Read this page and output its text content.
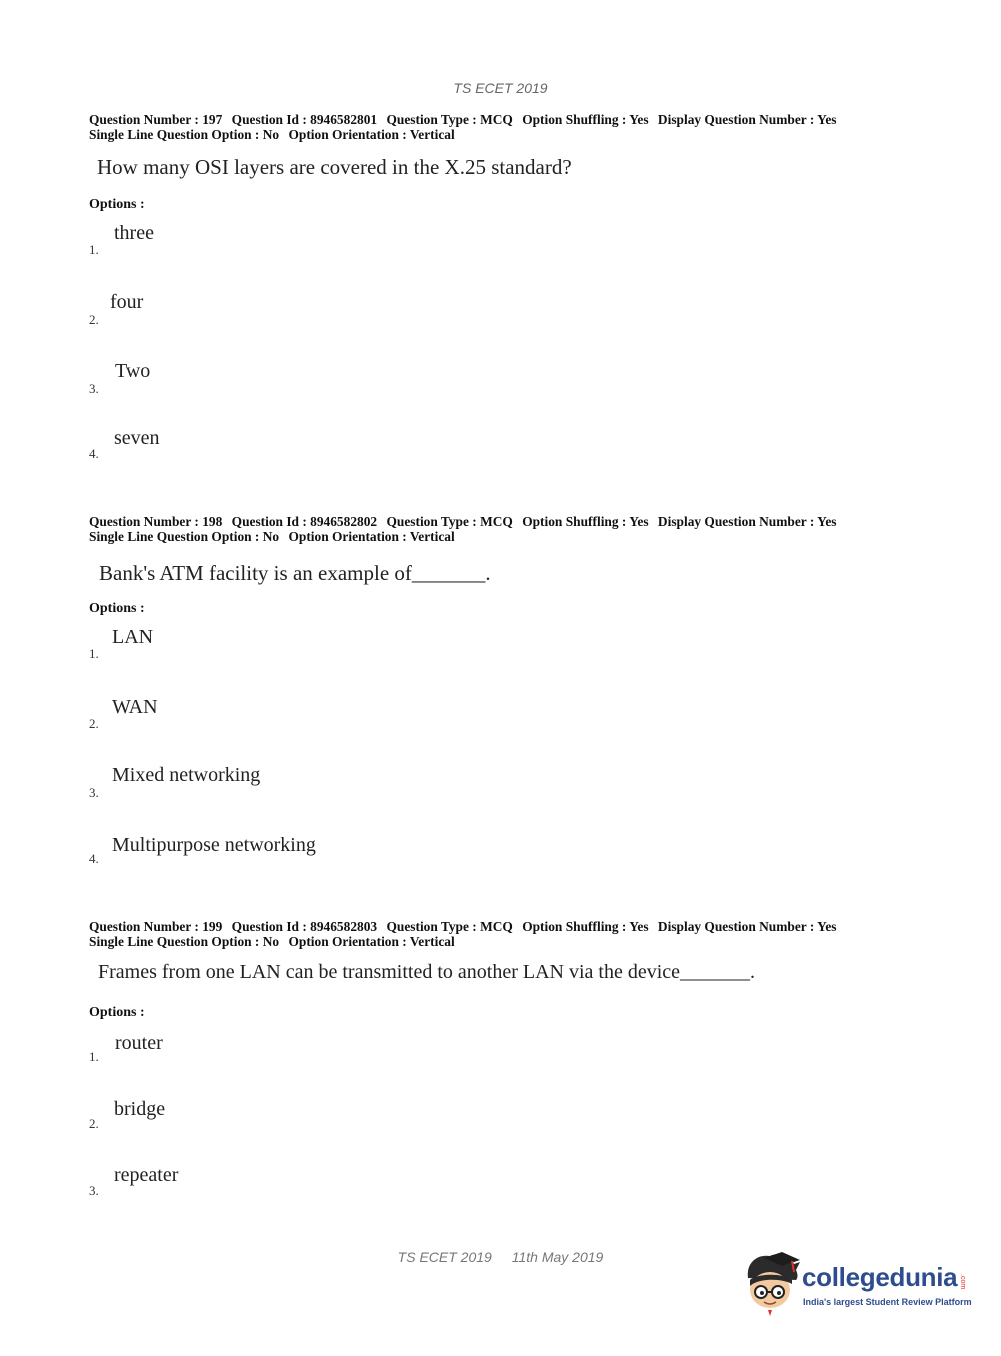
TS ECET 2019
Question Number : 197 Question Id : 8946582801 Question Type : MCQ Option Shuffling : Yes Display Question Number : Yes
Single Line Question Option : No Option Orientation : Vertical
How many OSI layers are covered in the X.25 standard?
Options :
three
1.
four
2.
Two
3.
seven
4.
Question Number : 198 Question Id : 8946582802 Question Type : MCQ Option Shuffling : Yes Display Question Number : Yes
Single Line Question Option : No Option Orientation : Vertical
Bank's ATM facility is an example of_______.
Options :
LAN
1.
WAN
2.
Mixed networking
3.
Multipurpose networking
4.
Question Number : 199 Question Id : 8946582803 Question Type : MCQ Option Shuffling : Yes Display Question Number : Yes
Single Line Question Option : No Option Orientation : Vertical
Frames from one LAN can be transmitted to another LAN via the device_______.
Options :
router
1.
bridge
2.
repeater
3.
TS ECET 2019 11th May 2019
collegedunia .com
India's largest Student Review Platform
